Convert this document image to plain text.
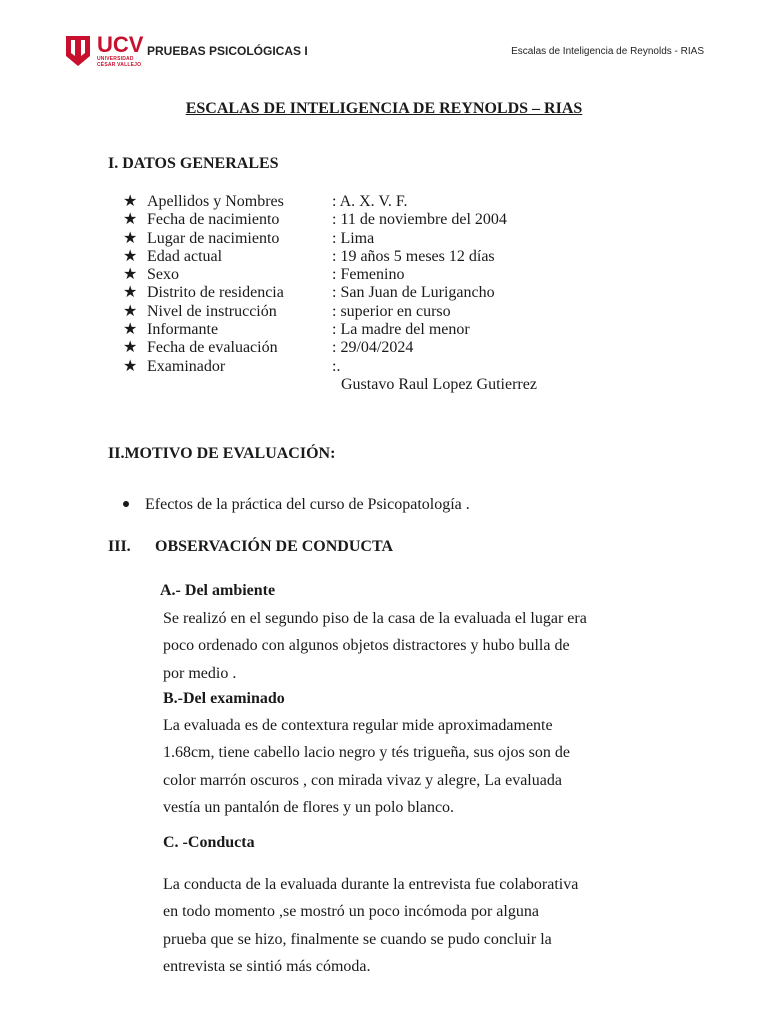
UCV
UNIVERSIDAD
CÉSAR VALLEJO
PRUEBAS PSICOLÓGICAS I	Escalas de Inteligencia de Reynolds - RIAS
ESCALAS DE INTELIGENCIA DE REYNOLDS – RIAS
I. DATOS GENERALES
★ Apellidos y Nombres	: A. X. V. F.
★ Fecha de nacimiento	: 11 de noviembre del 2004
★ Lugar de nacimiento	: Lima
★ Edad actual	: 19 años 5 meses 12 días
★ Sexo	: Femenino
★ Distrito de residencia	: San Juan de Lurigancho
★ Nivel de instrucción	: superior en curso
★ Informante	: La madre del menor
★ Fecha de evaluación	: 29/04/2024
★ Examinador	:.
Gustavo Raul Lopez Gutierrez
II.MOTIVO DE EVALUACIÓN:
Efectos de la práctica del curso de Psicopatología .
III. OBSERVACIÓN DE CONDUCTA
A.- Del ambiente
Se realizó en el segundo piso de la casa de la evaluada el lugar era
poco ordenado con algunos objetos distractores y hubo bulla de
por medio .
B.-Del examinado
La evaluada es de contextura regular mide aproximadamente
1.68cm, tiene cabello lacio negro y tés trigueña, sus ojos son de
color marrón oscuros , con mirada vivaz y alegre, La evaluada
vestía un pantalón de flores y un polo blanco.
C. -Conducta
La conducta de la evaluada durante la entrevista fue colaborativa
en todo momento ,se mostró un poco incómoda por alguna
prueba que se hizo, finalmente se cuando se pudo concluir la
entrevista se sintió más cómoda.
